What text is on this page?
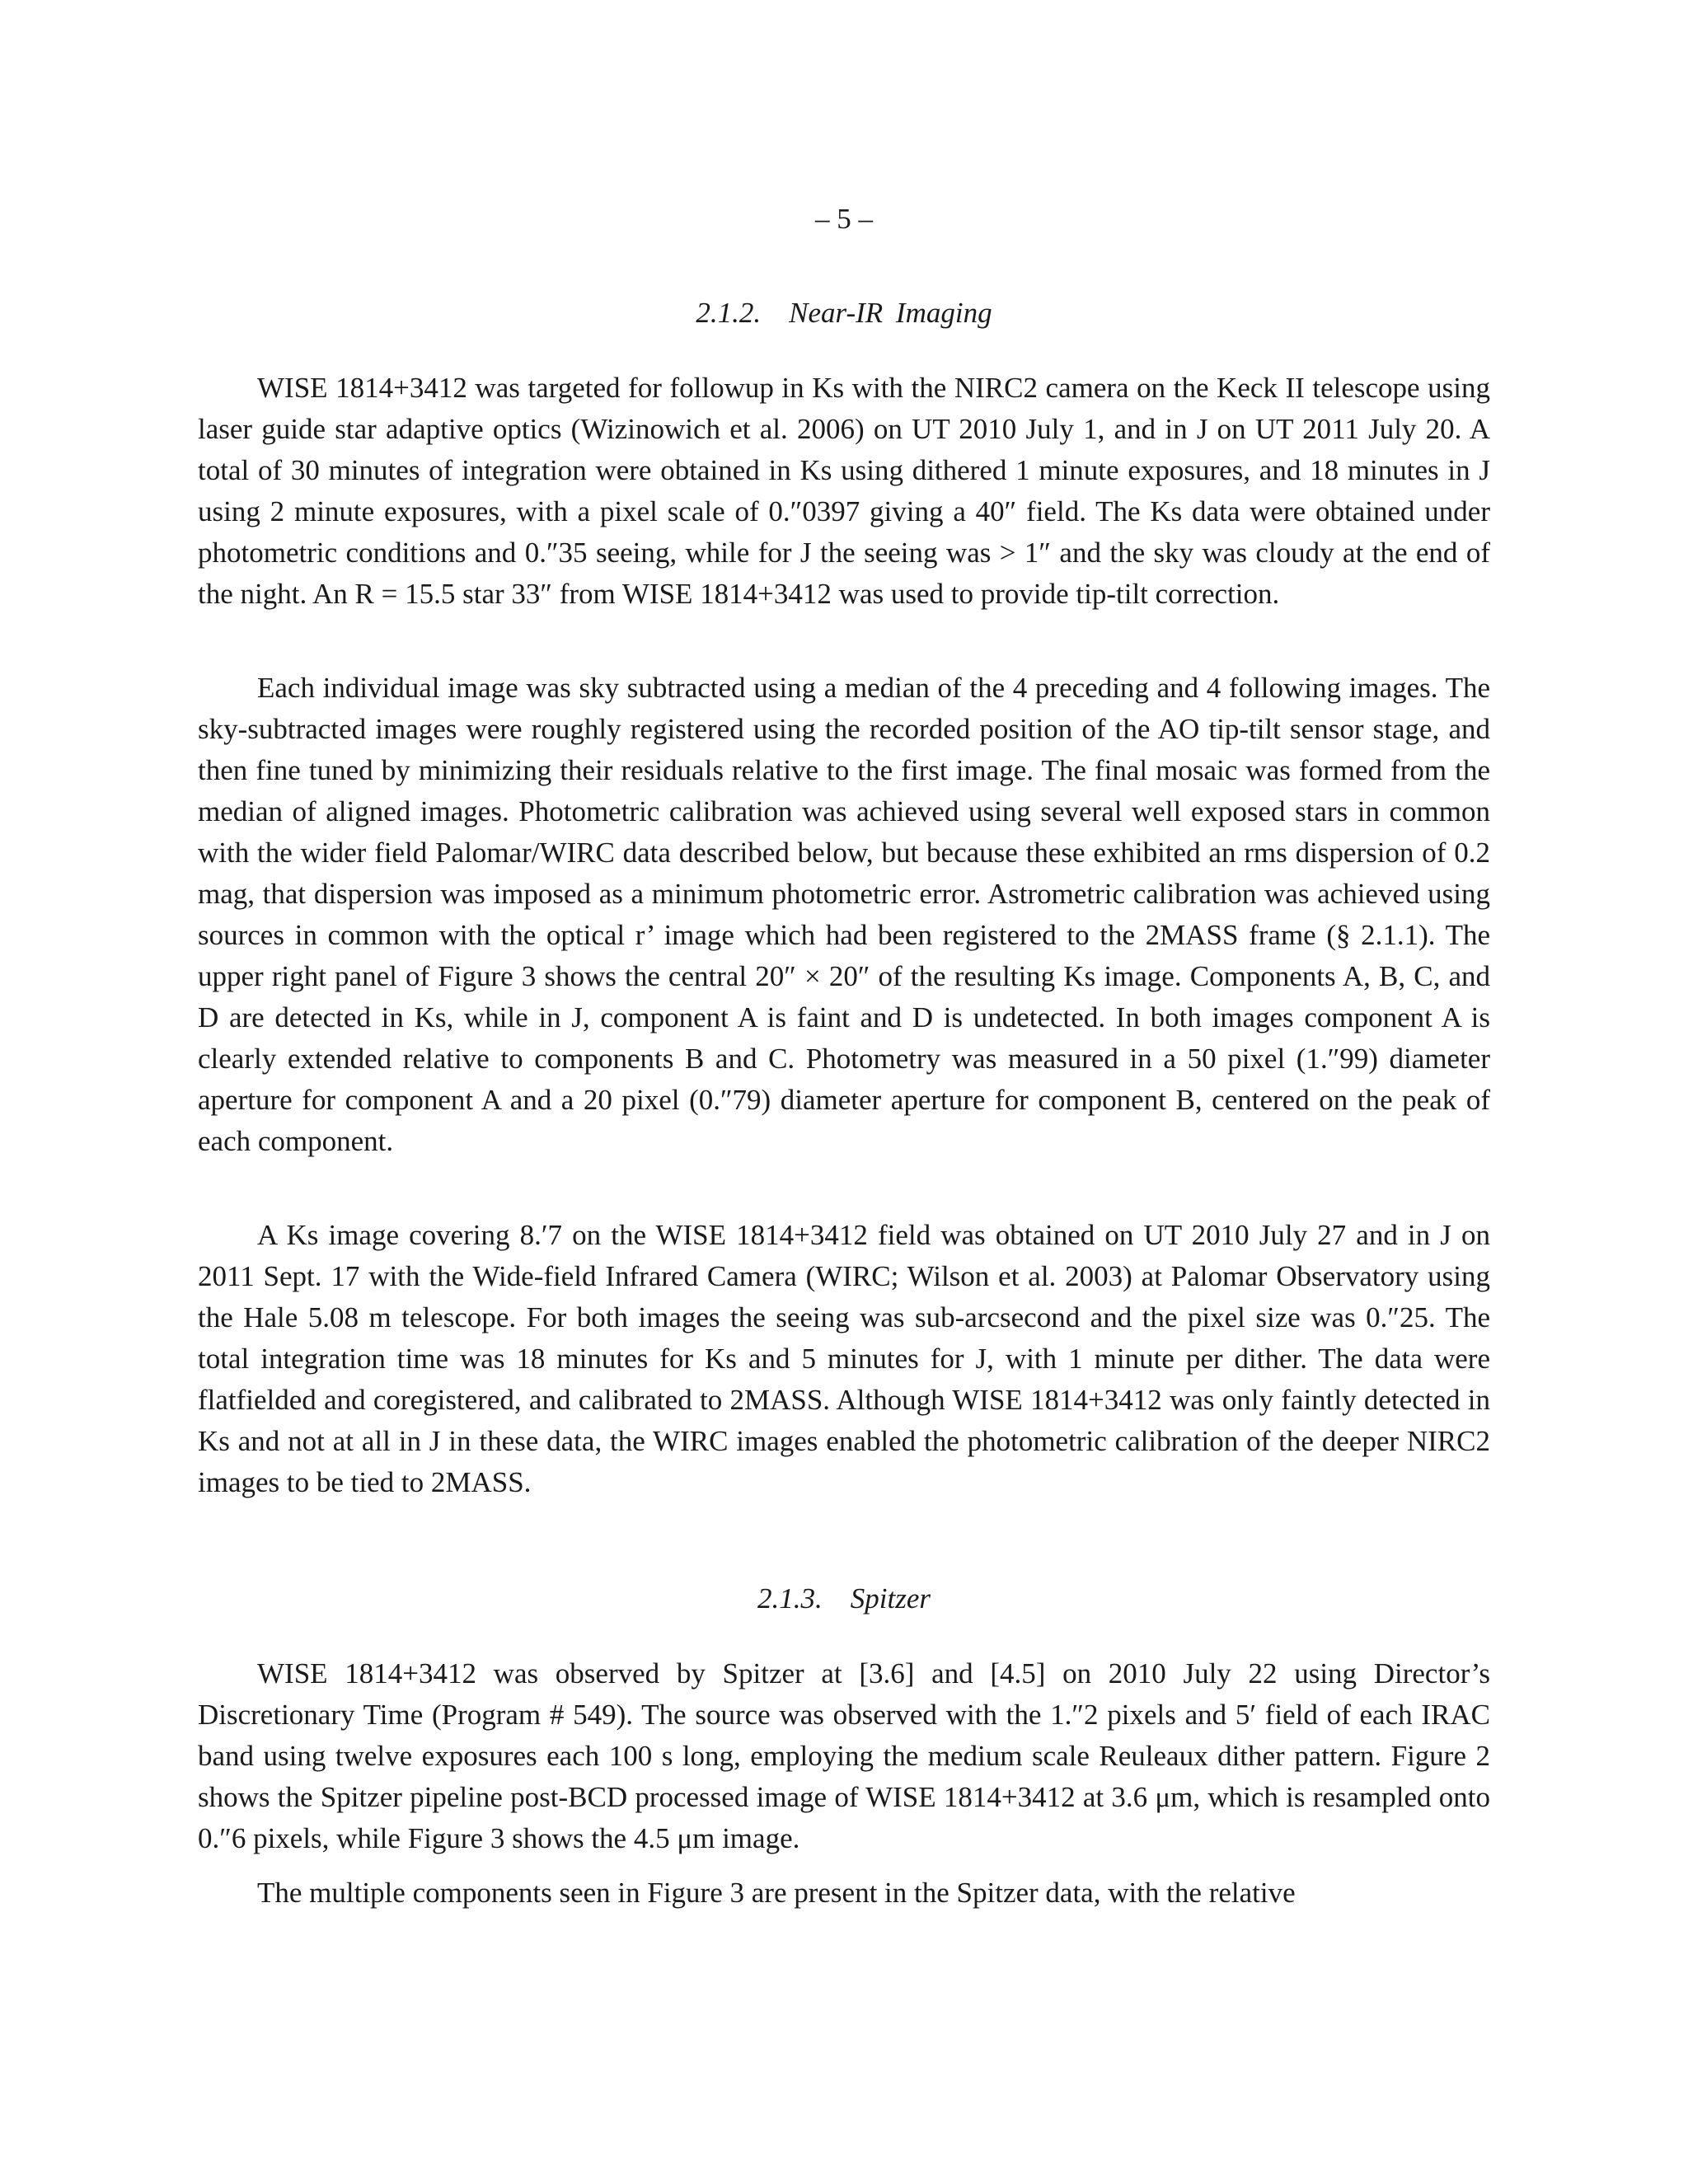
– 5 –
2.1.2. Near-IR Imaging

WISE 1814+3412 was targeted for followup in Ks with the NIRC2 camera on the Keck II telescope using laser guide star adaptive optics (Wizinowich et al. 2006) on UT 2010 July 1, and in J on UT 2011 July 20. A total of 30 minutes of integration were obtained in Ks using dithered 1 minute exposures, and 18 minutes in J using 2 minute exposures, with a pixel scale of 0.″0397 giving a 40″ field. The Ks data were obtained under photometric conditions and 0.″35 seeing, while for J the seeing was > 1″ and the sky was cloudy at the end of the night. An R = 15.5 star 33″ from WISE 1814+3412 was used to provide tip-tilt correction.

Each individual image was sky subtracted using a median of the 4 preceding and 4 following images. The sky-subtracted images were roughly registered using the recorded position of the AO tip-tilt sensor stage, and then fine tuned by minimizing their residuals relative to the first image. The final mosaic was formed from the median of aligned images. Photometric calibration was achieved using several well exposed stars in common with the wider field Palomar/WIRC data described below, but because these exhibited an rms dispersion of 0.2 mag, that dispersion was imposed as a minimum photometric error. Astrometric calibration was achieved using sources in common with the optical r’ image which had been registered to the 2MASS frame (§ 2.1.1). The upper right panel of Figure 3 shows the central 20″ × 20″ of the resulting Ks image. Components A, B, C, and D are detected in Ks, while in J, component A is faint and D is undetected. In both images component A is clearly extended relative to components B and C. Photometry was measured in a 50 pixel (1.″99) diameter aperture for component A and a 20 pixel (0.″79) diameter aperture for component B, centered on the peak of each component.

A Ks image covering 8.′7 on the WISE 1814+3412 field was obtained on UT 2010 July 27 and in J on 2011 Sept. 17 with the Wide-field Infrared Camera (WIRC; Wilson et al. 2003) at Palomar Observatory using the Hale 5.08 m telescope. For both images the seeing was sub-arcsecond and the pixel size was 0.″25. The total integration time was 18 minutes for Ks and 5 minutes for J, with 1 minute per dither. The data were flatfielded and coregistered, and calibrated to 2MASS. Although WISE 1814+3412 was only faintly detected in Ks and not at all in J in these data, the WIRC images enabled the photometric calibration of the deeper NIRC2 images to be tied to 2MASS.

2.1.3. Spitzer

WISE 1814+3412 was observed by Spitzer at [3.6] and [4.5] on 2010 July 22 using Director’s Discretionary Time (Program # 549). The source was observed with the 1.″2 pixels and 5′ field of each IRAC band using twelve exposures each 100 s long, employing the medium scale Reuleaux dither pattern. Figure 2 shows the Spitzer pipeline post-BCD processed image of WISE 1814+3412 at 3.6 μm, which is resampled onto 0.″6 pixels, while Figure 3 shows the 4.5 μm image.

The multiple components seen in Figure 3 are present in the Spitzer data, with the relative
